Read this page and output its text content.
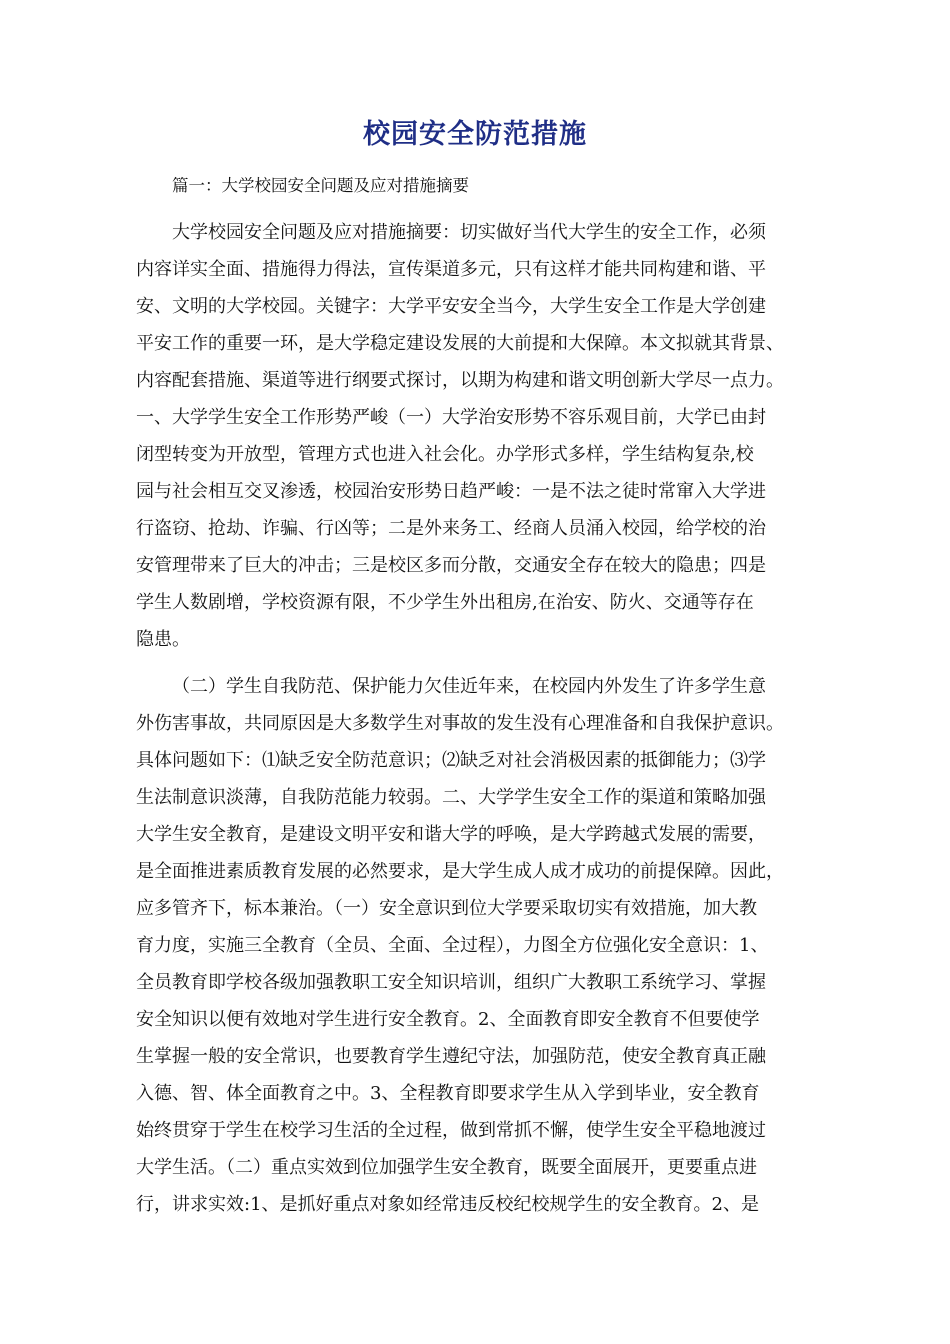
校园安全防范措施

篇一：大学校园安全问题及应对措施摘要

大学校园安全问题及应对措施摘要：切实做好当代大学生的安全工作，必须
内容详实全面、措施得力得法，宣传渠道多元，只有这样才能共同构建和谐、平
安、文明的大学校园。关键字：大学平安安全当今，大学生安全工作是大学创建
平安工作的重要一环，是大学稳定建设发展的大前提和大保障。本文拟就其背景、
内容配套措施、渠道等进行纲要式探讨，以期为构建和谐文明创新大学尽一点力。
一、大学学生安全工作形势严峻（一）大学治安形势不容乐观目前，大学已由封
闭型转变为开放型，管理方式也进入社会化。办学形式多样，学生结构复杂,校
园与社会相互交叉渗透，校园治安形势日趋严峻：一是不法之徒时常窜入大学进
行盗窃、抢劫、诈骗、行凶等；二是外来务工、经商人员涌入校园，给学校的治
安管理带来了巨大的冲击；三是校区多而分散，交通安全存在较大的隐患；四是
学生人数剧增，学校资源有限，不少学生外出租房,在治安、防火、交通等存在
隐患。
（二）学生自我防范、保护能力欠佳近年来，在校园内外发生了许多学生意
外伤害事故，共同原因是大多数学生对事故的发生没有心理准备和自我保护意识。
具体问题如下：⑴缺乏安全防范意识；⑵缺乏对社会消极因素的抵御能力；⑶学
生法制意识淡薄，自我防范能力较弱。二、大学学生安全工作的渠道和策略加强
大学生安全教育，是建设文明平安和谐大学的呼唤，是大学跨越式发展的需要，
是全面推进素质教育发展的必然要求，是大学生成人成才成功的前提保障。因此，
应多管齐下，标本兼治。（一）安全意识到位大学要采取切实有效措施，加大教
育力度，实施三全教育（全员、全面、全过程），力图全方位强化安全意识：1、
全员教育即学校各级加强教职工安全知识培训，组织广大教职工系统学习、掌握
安全知识以便有效地对学生进行安全教育。2、全面教育即安全教育不但要使学
生掌握一般的安全常识，也要教育学生遵纪守法，加强防范，使安全教育真正融
入德、智、体全面教育之中。3、全程教育即要求学生从入学到毕业，安全教育
始终贯穿于学生在校学习生活的全过程，做到常抓不懈，使学生安全平稳地渡过
大学生活。（二）重点实效到位加强学生安全教育，既要全面展开，更要重点进
行，讲求实效:1、是抓好重点对象如经常违反校纪校规学生的安全教育。2、是
